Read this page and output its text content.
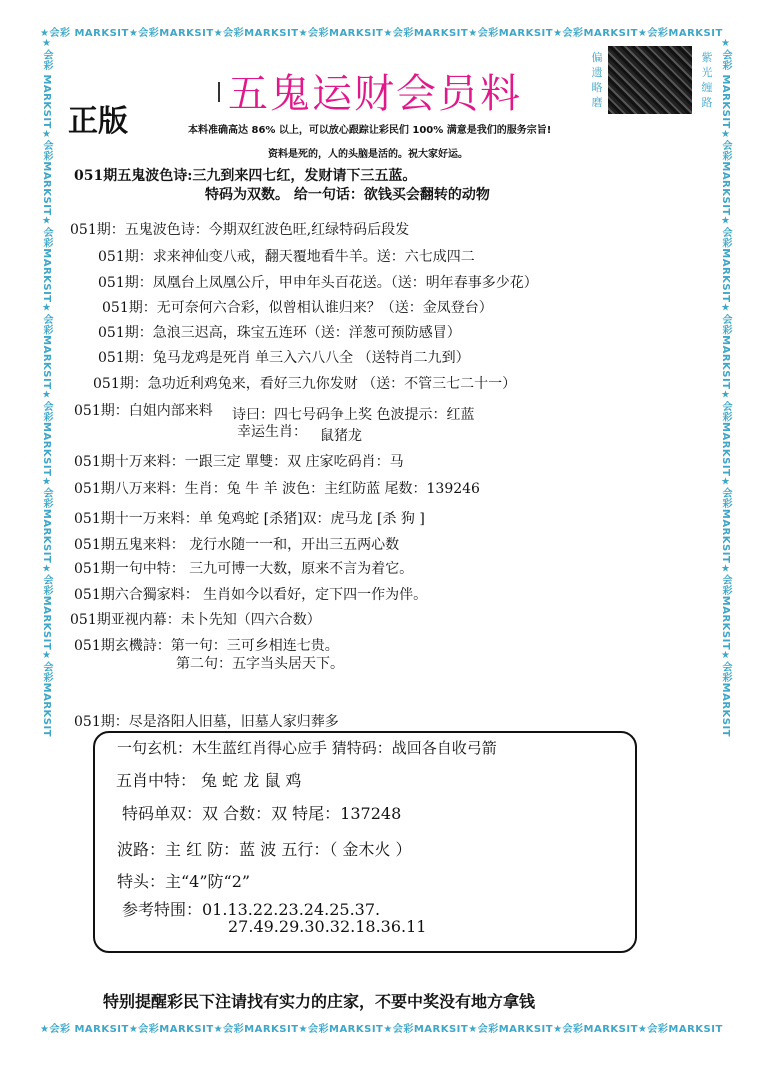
★会彩 MARKSIT★会彩MARKSIT★会彩MARKSIT★会彩MARKSIT★会彩MARKSIT★会彩MARKSIT★会彩MARKSIT★会彩MARKSIT
★会彩 MARKSIT★会彩MARKSIT★会彩MARKSIT★会彩MARKSIT★会彩MARKSIT★会彩MARKSIT★会彩MARKSIT★会彩MARKSIT
★会彩 MARKSIT★会彩MARKSIT★会彩MARKSIT★会彩MARKSIT★会彩MARKSIT★会彩MARKSIT★会彩MARKSIT★会彩MARKSIT	★会彩 MARKSIT★会彩MARKSIT★会彩MARKSIT★会彩MARKSIT★会彩MARKSIT★会彩MARKSIT★会彩MARKSIT★会彩MARKSIT
五鬼运财会员料
正版
偏遗略磨
紫光缠路
本料准确高达 86% 以上，可以放心跟踪让彩民们 100% 满意是我们的服务宗旨!
资料是死的，人的头脑是活的。祝大家好运。
051期五鬼波色诗:三九到来四七红，发财请下三五蓝。
特码为双数。 给一句话：欲钱买会翻转的动物
051期：五鬼波色诗：今期双红波色旺,红绿特码后段发
051期：求来神仙变八戒，翻天覆地看牛羊。送：六七成四二
051期：凤凰台上凤凰公斤，甲申年头百花送。（送：明年春事多少花）
051期：无可奈何六合彩，似曾相认谁归来？（送：金凤登台）
051期：急浪三迟高，珠宝五连环（送：洋葱可预防感冒）
051期：兔马龙鸡是死肖 单三入六八八全 （送特肖二九到）
051期：急功近利鸡兔来，看好三九你发财 （送：不管三七二十一）
051期：白姐内部来料 诗曰：四七号码争上奖 色波提示：红蓝
幸运生肖： 鼠猪龙
051期十万来料：一跟三定 單雙：双 庄家吃码肖：马
051期八万来料：生肖：兔 牛 羊 波色：主红防蓝 尾数：139246
051期十一万来料：单 兔鸡蛇 [杀猪]双：虎马龙 [杀 狗 ]
051期五鬼来料： 龙行水随一一和，开出三五两心数
051期一句中特： 三九可博一大数，原来不言为着它。
051期六合獨家料： 生肖如今以看好，定下四一作为伴。
051期亚视内幕：未卜先知（四六合数）
051期玄機詩：第一句：三可乡相连七贵。
第二句：五字当头居天下。
051期：尽是洛阳人旧墓，旧墓人家归葬多
一句玄机：木生蓝红肖得心应手 猜特码：战回各自收弓箭
五肖中特： 兔 蛇 龙 鼠 鸡
特码单双：双 合数：双 特尾：137248
波路：主 红 防：蓝 波 五行：（ 金木火 ）
特头：主“4”防“2”
参考特围：01.13.22.23.24.25.37.
27.49.29.30.32.18.36.11
特别提醒彩民下注请找有实力的庄家，不要中奖没有地方拿钱
